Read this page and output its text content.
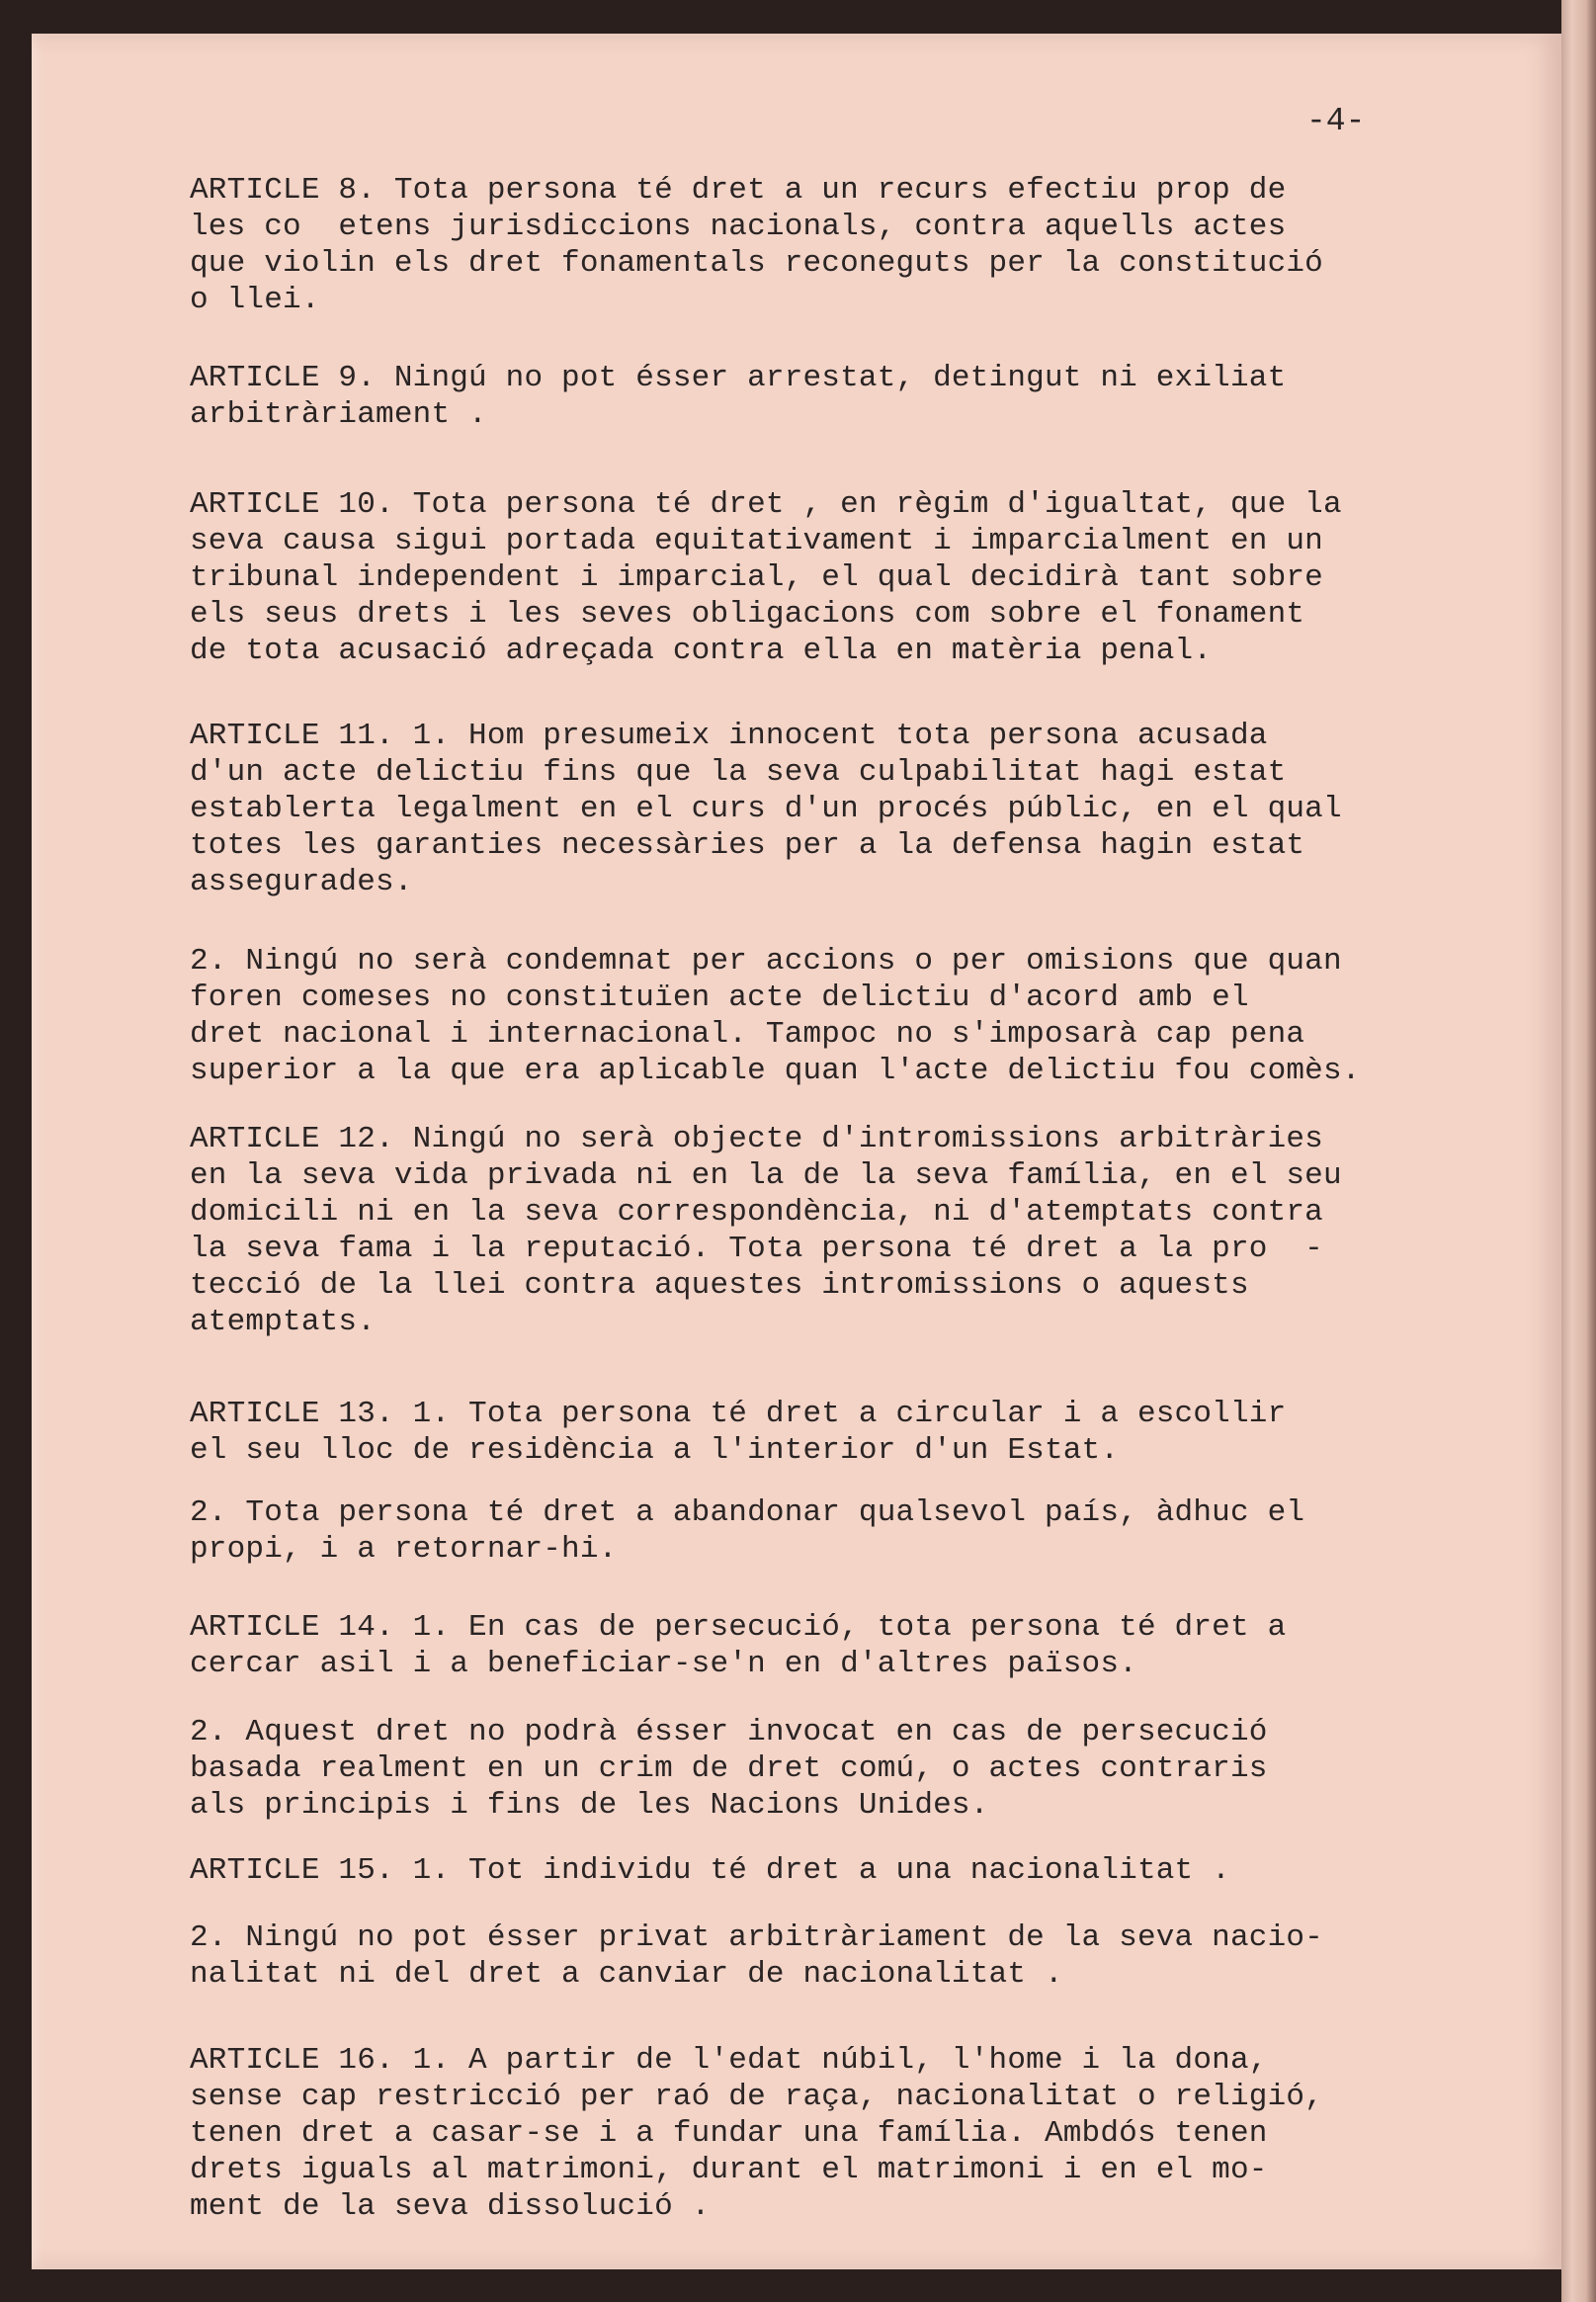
-4-

ARTICLE 8. Tota persona té dret a un recurs efectiu prop de
les co  etens jurisdiccions nacionals, contra aquells actes
que violin els dret fonamentals reconeguts per la constitució
o llei.

ARTICLE 9. Ningú no pot ésser arrestat, detingut ni exiliat
arbitràriament .

ARTICLE 10. Tota persona té dret , en règim d'igualtat, que la
seva causa sigui portada equitativament i imparcialment en un
tribunal independent i imparcial, el qual decidirà tant sobre
els seus drets i les seves obligacions com sobre el fonament
de tota acusació adreçada contra ella en matèria penal.

ARTICLE 11. 1. Hom presumeix innocent tota persona acusada
d'un acte delictiu fins que la seva culpabilitat hagi estat
establerta legalment en el curs d'un procés públic, en el qual
totes les garanties necessàries per a la defensa hagin estat
assegurades.

2. Ningú no serà condemnat per accions o per omisions que quan
foren comeses no constituïen acte delictiu d'acord amb el
dret nacional i internacional. Tampoc no s'imposarà cap pena
superior a la que era aplicable quan l'acte delictiu fou comès.

ARTICLE 12. Ningú no serà objecte d'intromissions arbitràries
en la seva vida privada ni en la de la seva família, en el seu
domicili ni en la seva correspondència, ni d'atemptats contra
la seva fama i la reputació. Tota persona té dret a la pro  -
tecció de la llei contra aquestes intromissions o aquests
atemptats.

ARTICLE 13. 1. Tota persona té dret a circular i a escollir
el seu lloc de residència a l'interior d'un Estat.

2. Tota persona té dret a abandonar qualsevol país, àdhuc el
propi, i a retornar-hi.

ARTICLE 14. 1. En cas de persecució, tota persona té dret a
cercar asil i a beneficiar-se'n en d'altres països.

2. Aquest dret no podrà ésser invocat en cas de persecució
basada realment en un crim de dret comú, o actes contraris
als principis i fins de les Nacions Unides.

ARTICLE 15. 1. Tot individu té dret a una nacionalitat .

2. Ningú no pot ésser privat arbitràriament de la seva nacio-
nalitat ni del dret a canviar de nacionalitat .

ARTICLE 16. 1. A partir de l'edat núbil, l'home i la dona,
sense cap restricció per raó de raça, nacionalitat o religió,
tenen dret a casar-se i a fundar una família. Ambdós tenen
drets iguals al matrimoni, durant el matrimoni i en el mo-
ment de la seva dissolució .
